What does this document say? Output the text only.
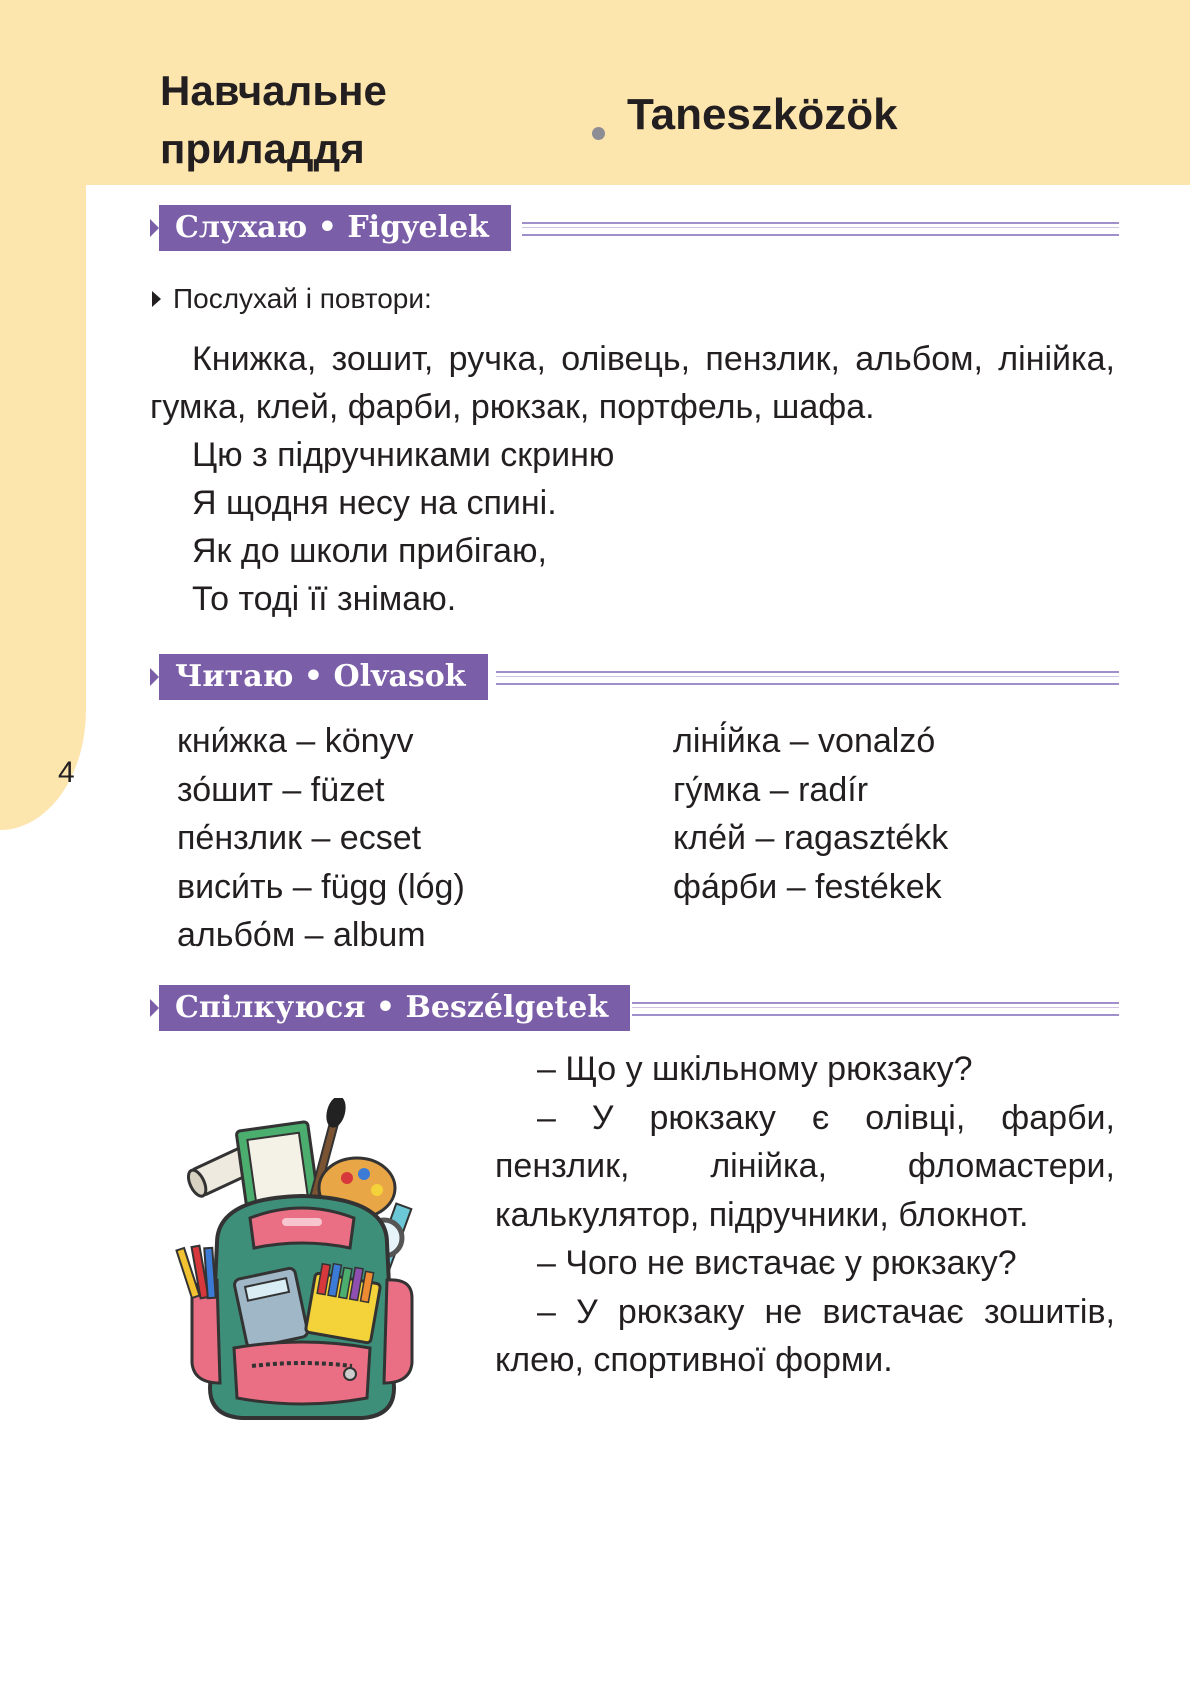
Навчальне
приладдя
Taneszközök
4
Слухаю • Figyelek
Послухай і повтори:

Книжка, зошит, ручка, олівець, пензлик, альбом, лінійка, гумка, клей, фарби, рюкзак, портфель, шафа.

Цю з підручниками скриню
Я щодня несу на спині.
Як до школи прибігаю,
То тоді її знімаю.
Читаю • Olvasok
кни́жка – könyv
зо́шит – füzet
пе́нзлик – ecset
виси́ть – függ (lóg)
альбо́м – album
ліні́йка – vonalzó
гу́мка – radír
кле́й – ragasztékk
фа́рби – festékek
Спілкуюся • Beszélgetek

– Що у шкільному рюкзаку?

– У рюкзаку є олівці, фарби, пензлик, лінійка, фломастери, калькулятор, підручники, блокнот.

– Чого не вистачає у рюкзаку?

– У рюкзаку не вистачає зошитів, клею, спортивної форми.
